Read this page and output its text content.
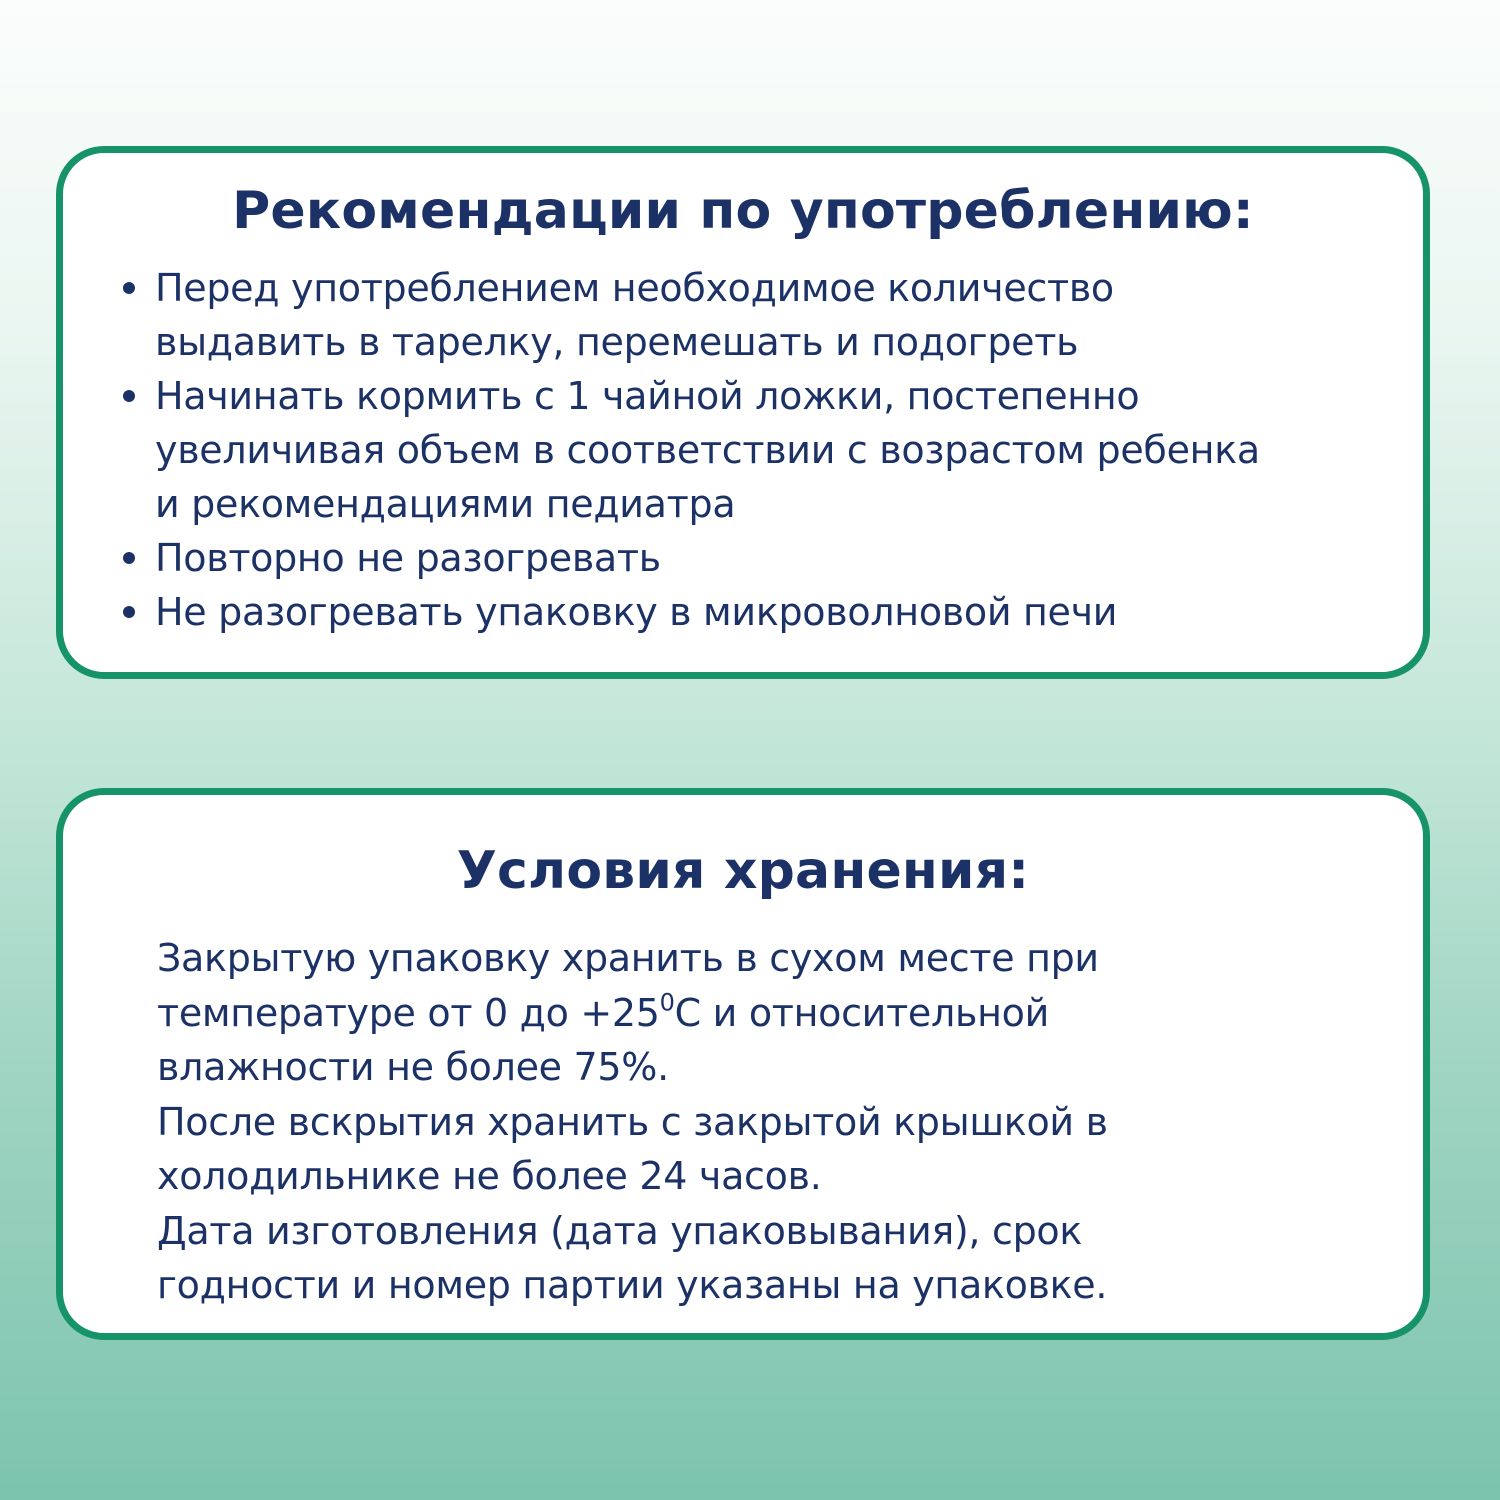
Рекомендации по употреблению:
Перед употреблением необходимое количество выдавить в тарелку, перемешать и подогреть
Начинать кормить с 1 чайной ложки, постепенно увеличивая объем в соответствии с возрастом ребенка и рекомендациями педиатра
Повторно не разогревать
Не разогревать упаковку в микроволновой печи
Условия хранения:

Закрытую упаковку хранить в сухом месте при температуре от 0 до $+25^0С$ и относительной влажности не более 75%.

После вскрытия хранить с закрытой крышкой в холодильнике не более 24 часов.

Дата изготовления (дата упаковывания), срок годности и номер партии указаны на упаковке.
